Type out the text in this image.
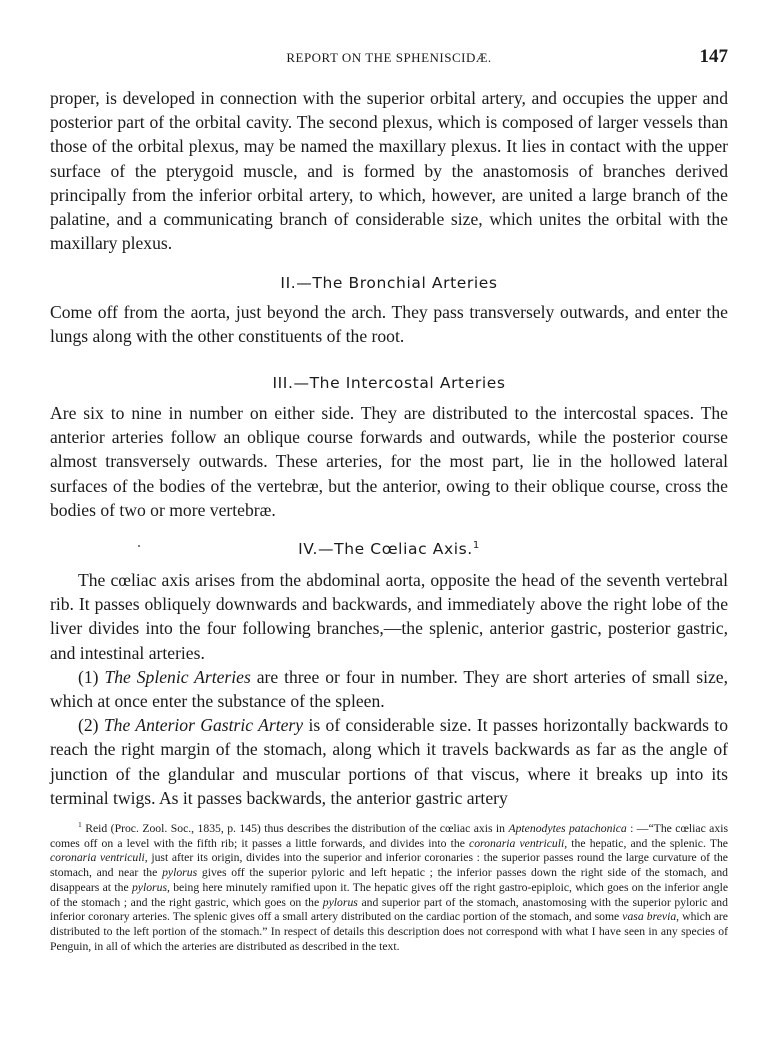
REPORT ON THE SPHENISCIDÆ.	147

proper, is developed in connection with the superior orbital artery, and occupies the upper and posterior part of the orbital cavity. The second plexus, which is composed of larger vessels than those of the orbital plexus, may be named the maxillary plexus. It lies in contact with the upper surface of the pterygoid muscle, and is formed by the anastomosis of branches derived principally from the inferior orbital artery, to which, however, are united a large branch of the palatine, and a communicating branch of considerable size, which unites the orbital with the maxillary plexus.

II.—The Bronchial Arteries

Come off from the aorta, just beyond the arch. They pass transversely outwards, and enter the lungs along with the other constituents of the root.

III.—The Intercostal Arteries

Are six to nine in number on either side. They are distributed to the intercostal spaces. The anterior arteries follow an oblique course forwards and outwards, while the posterior course almost transversely outwards. These arteries, for the most part, lie in the hollowed lateral surfaces of the bodies of the vertebræ, but the anterior, owing to their oblique course, cross the bodies of two or more vertebræ.

IV.—The Cœliac Axis.$^1$

The cœliac axis arises from the abdominal aorta, opposite the head of the seventh vertebral rib. It passes obliquely downwards and backwards, and immediately above the right lobe of the liver divides into the four following branches,—the splenic, anterior gastric, posterior gastric, and intestinal arteries.

(1) The Splenic Arteries are three or four in number. They are short arteries of small size, which at once enter the substance of the spleen.

(2) The Anterior Gastric Artery is of considerable size. It passes horizontally backwards to reach the right margin of the stomach, along which it travels backwards as far as the angle of junction of the glandular and muscular portions of that viscus, where it breaks up into its terminal twigs. As it passes backwards, the anterior gastric artery

$^1$ Reid (Proc. Zool. Soc., 1835, p. 145) thus describes the distribution of the cœliac axis in Aptenodytes patachonica : —“The cœliac axis comes off on a level with the fifth rib; it passes a little forwards, and divides into the coronaria ventriculi, the hepatic, and the splenic. The coronaria ventriculi, just after its origin, divides into the superior and inferior coronaries : the superior passes round the large curvature of the stomach, and near the pylorus gives off the superior pyloric and left hepatic ; the inferior passes down the right side of the stomach, and disappears at the pylorus, being here minutely ramified upon it. The hepatic gives off the right gastro-epiploic, which goes on the inferior angle of the stomach ; and the right gastric, which goes on the pylorus and superior part of the stomach, anastomosing with the superior pyloric and inferior coronary arteries. The splenic gives off a small artery distributed on the cardiac portion of the stomach, and some vasa brevia, which are distributed to the left portion of the stomach.” In respect of details this description does not correspond with what I have seen in any species of Penguin, in all of which the arteries are distributed as described in the text.
